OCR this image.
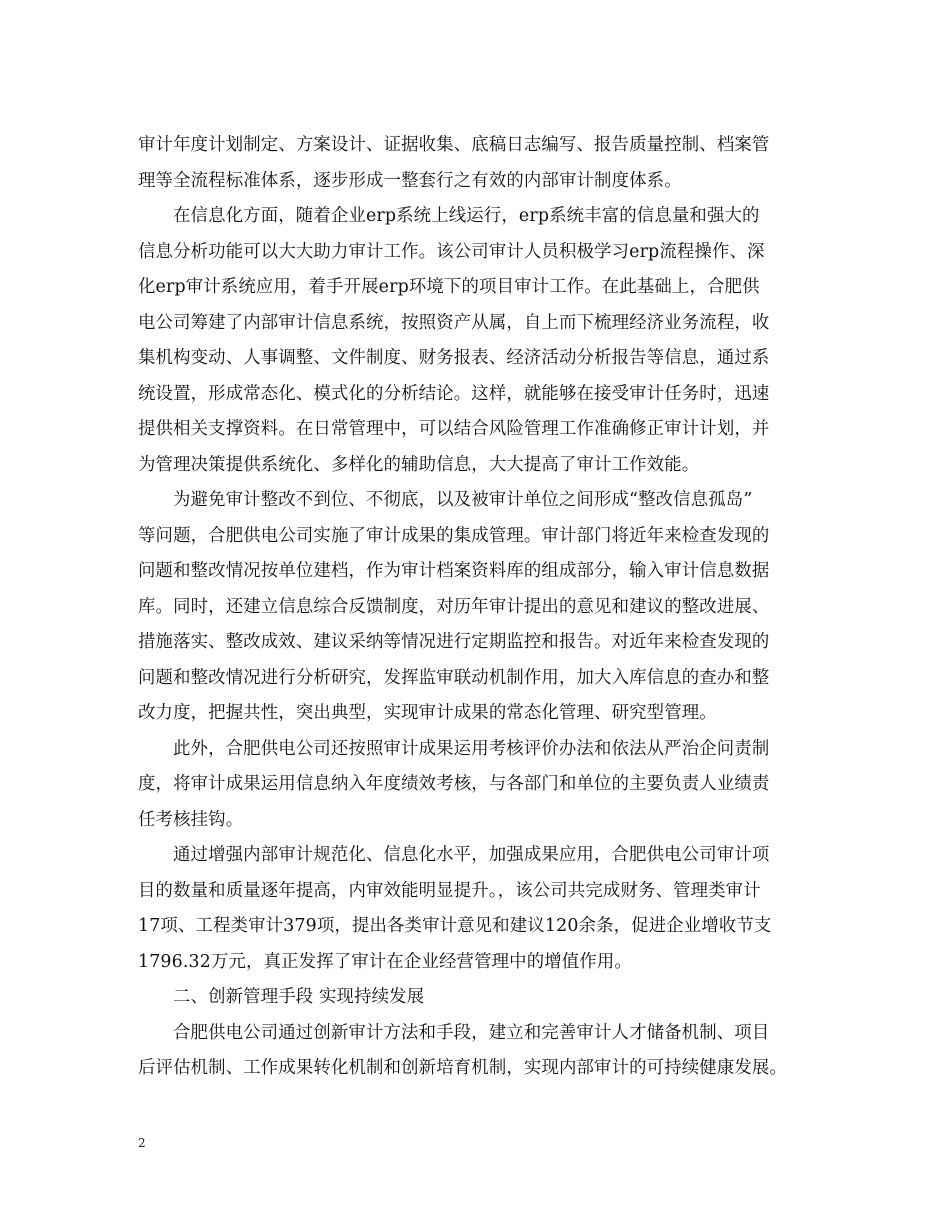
审计年度计划制定、方案设计、证据收集、底稿日志编写、报告质量控制、档案管
理等全流程标准体系，逐步形成一整套行之有效的内部审计制度体系。
在信息化方面，随着企业erp系统上线运行，erp系统丰富的信息量和强大的
信息分析功能可以大大助力审计工作。该公司审计人员积极学习erp流程操作、深
化erp审计系统应用，着手开展erp环境下的项目审计工作。在此基础上，合肥供
电公司筹建了内部审计信息系统，按照资产从属，自上而下梳理经济业务流程，收
集机构变动、人事调整、文件制度、财务报表、经济活动分析报告等信息，通过系
统设置，形成常态化、模式化的分析结论。这样，就能够在接受审计任务时，迅速
提供相关支撑资料。在日常管理中，可以结合风险管理工作准确修正审计计划，并
为管理决策提供系统化、多样化的辅助信息，大大提高了审计工作效能。
为避免审计整改不到位、不彻底，以及被审计单位之间形成“整改信息孤岛”
等问题，合肥供电公司实施了审计成果的集成管理。审计部门将近年来检查发现的
问题和整改情况按单位建档，作为审计档案资料库的组成部分，输入审计信息数据
库。同时，还建立信息综合反馈制度，对历年审计提出的意见和建议的整改进展、
措施落实、整改成效、建议采纳等情况进行定期监控和报告。对近年来检查发现的
问题和整改情况进行分析研究，发挥监审联动机制作用，加大入库信息的查办和整
改力度，把握共性，突出典型，实现审计成果的常态化管理、研究型管理。
此外，合肥供电公司还按照审计成果运用考核评价办法和依法从严治企问责制
度，将审计成果运用信息纳入年度绩效考核，与各部门和单位的主要负责人业绩责
任考核挂钩。
通过增强内部审计规范化、信息化水平，加强成果应用，合肥供电公司审计项
目的数量和质量逐年提高，内审效能明显提升。，该公司共完成财务、管理类审计
17项、工程类审计379项，提出各类审计意见和建议120余条，促进企业增收节支
1796.32万元，真正发挥了审计在企业经营管理中的增值作用。
二、创新管理手段 实现持续发展
合肥供电公司通过创新审计方法和手段，建立和完善审计人才储备机制、项目
后评估机制、工作成果转化机制和创新培育机制，实现内部审计的可持续健康发展。
2
